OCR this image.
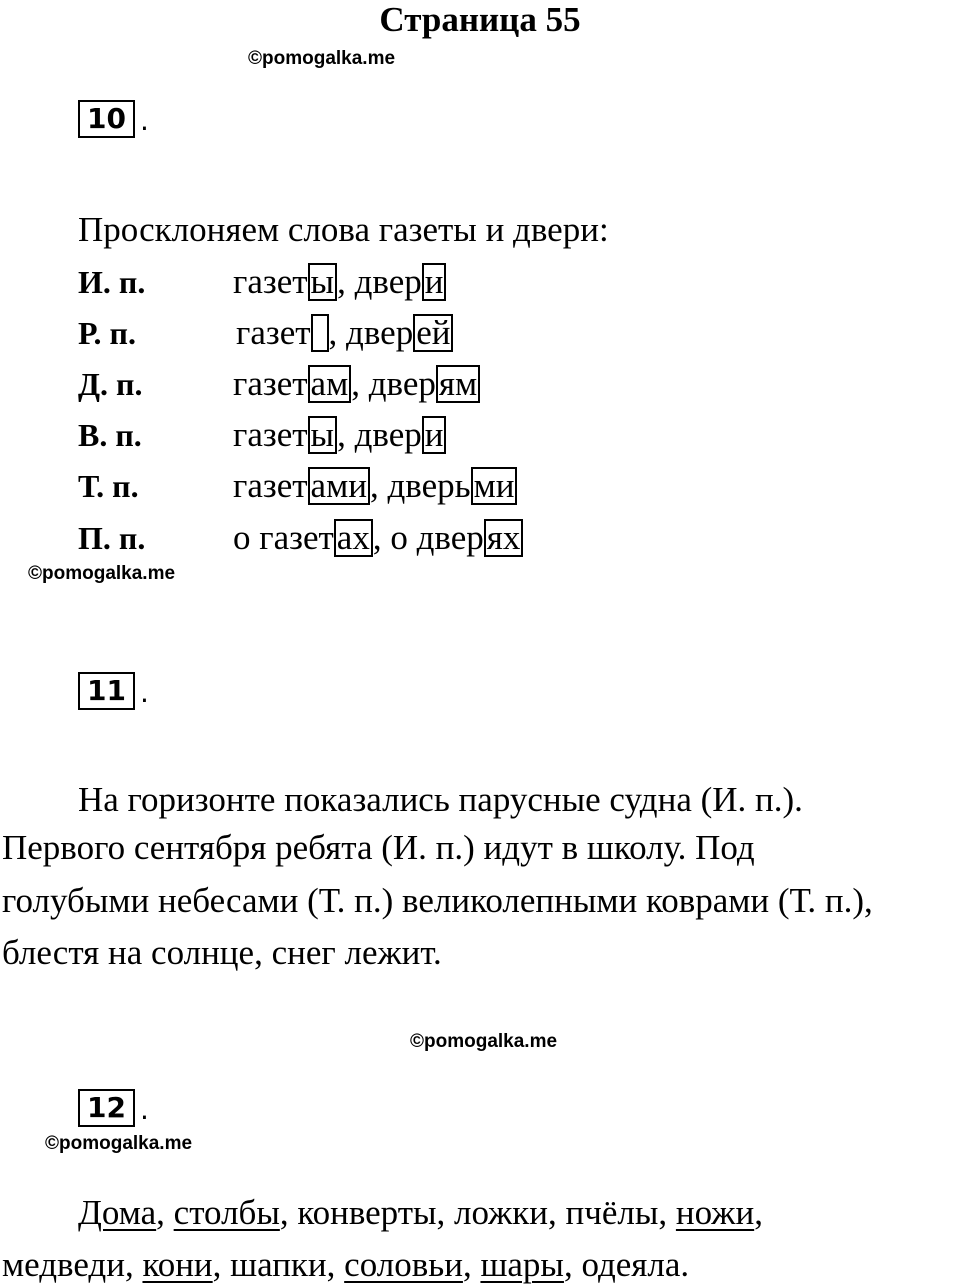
Страница 55
©pomogalka.me
10 .
Просклоняем слова газеты и двери:
И. п.	газеты, двери
Р. п.	газет , дверей
Д. п.	газетам, дверям
В. п.	газеты, двери
Т. п.	газетами, дверьми
П. п.	о газетах, о дверях
©pomogalka.me
11 .
На горизонте показались парусные судна (И. п.).
Первого сентября ребята (И. п.) идут в школу. Под
голубыми небесами (Т. п.) великолепными коврами (Т. п.),
блестя на солнце, снег лежит.
©pomogalka.me
12 .
©pomogalka.me
Дома, столбы, конверты, ложки, пчёлы, ножи,
медведи, кони, шапки, соловьи, шары, одеяла.
